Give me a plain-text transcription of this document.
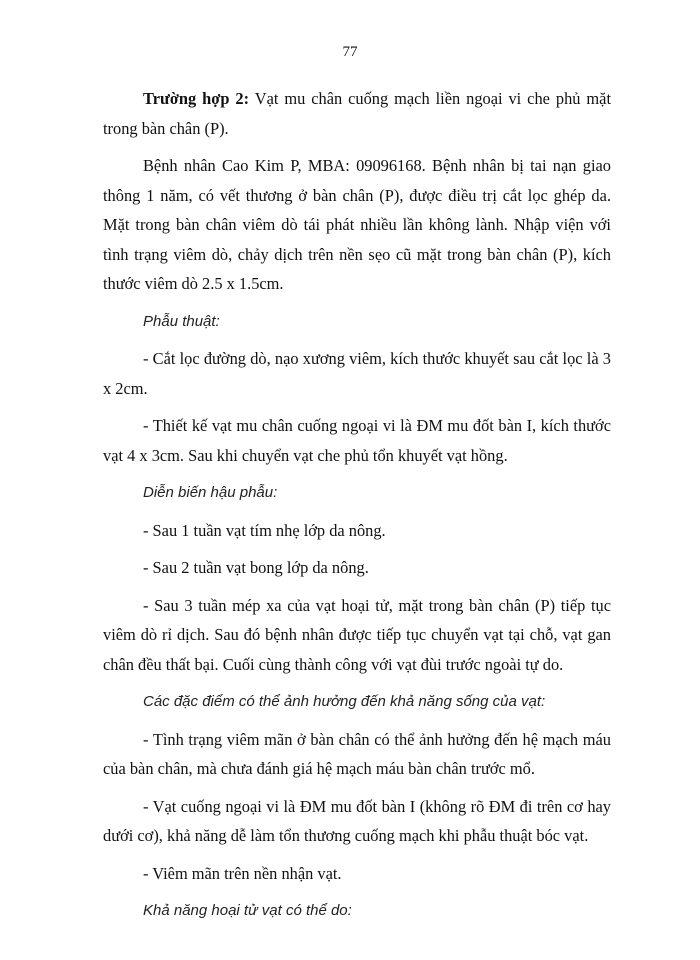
77

Trường hợp 2: Vạt mu chân cuống mạch liền ngoại vi che phủ mặt trong bàn chân (P).

Bệnh nhân Cao Kim P, MBA: 09096168. Bệnh nhân bị tai nạn giao thông 1 năm, có vết thương ở bàn chân (P), được điều trị cắt lọc ghép da. Mặt trong bàn chân viêm dò tái phát nhiều lần không lành. Nhập viện với tình trạng viêm dò, chảy dịch trên nền sẹo cũ mặt trong bàn chân (P), kích thước viêm dò 2.5 x 1.5cm.

Phẫu thuật:

- Cắt lọc đường dò, nạo xương viêm, kích thước khuyết sau cắt lọc là 3 x 2cm.

- Thiết kế vạt mu chân cuống ngoại vi là ĐM mu đốt bàn I, kích thước vạt 4 x 3cm. Sau khi chuyển vạt che phủ tổn khuyết vạt hồng.

Diễn biến hậu phẫu:

- Sau 1 tuần vạt tím nhẹ lớp da nông.

- Sau 2 tuần vạt bong lớp da nông.

- Sau 3 tuần mép xa của vạt hoại tử, mặt trong bàn chân (P) tiếp tục viêm dò rỉ dịch. Sau đó bệnh nhân được tiếp tục chuyển vạt tại chỗ, vạt gan chân đều thất bại. Cuối cùng thành công với vạt đùi trước ngoài tự do.

Các đặc điểm có thể ảnh hưởng đến khả năng sống của vạt:

- Tình trạng viêm mãn ở bàn chân có thể ảnh hưởng đến hệ mạch máu của bàn chân, mà chưa đánh giá hệ mạch máu bàn chân trước mổ.

- Vạt cuống ngoại vi là ĐM mu đốt bàn I (không rõ ĐM đi trên cơ hay dưới cơ), khả năng dễ làm tổn thương cuống mạch khi phẫu thuật bóc vạt.

- Viêm mãn trên nền nhận vạt.

Khả năng hoại tử vạt có thể do:
